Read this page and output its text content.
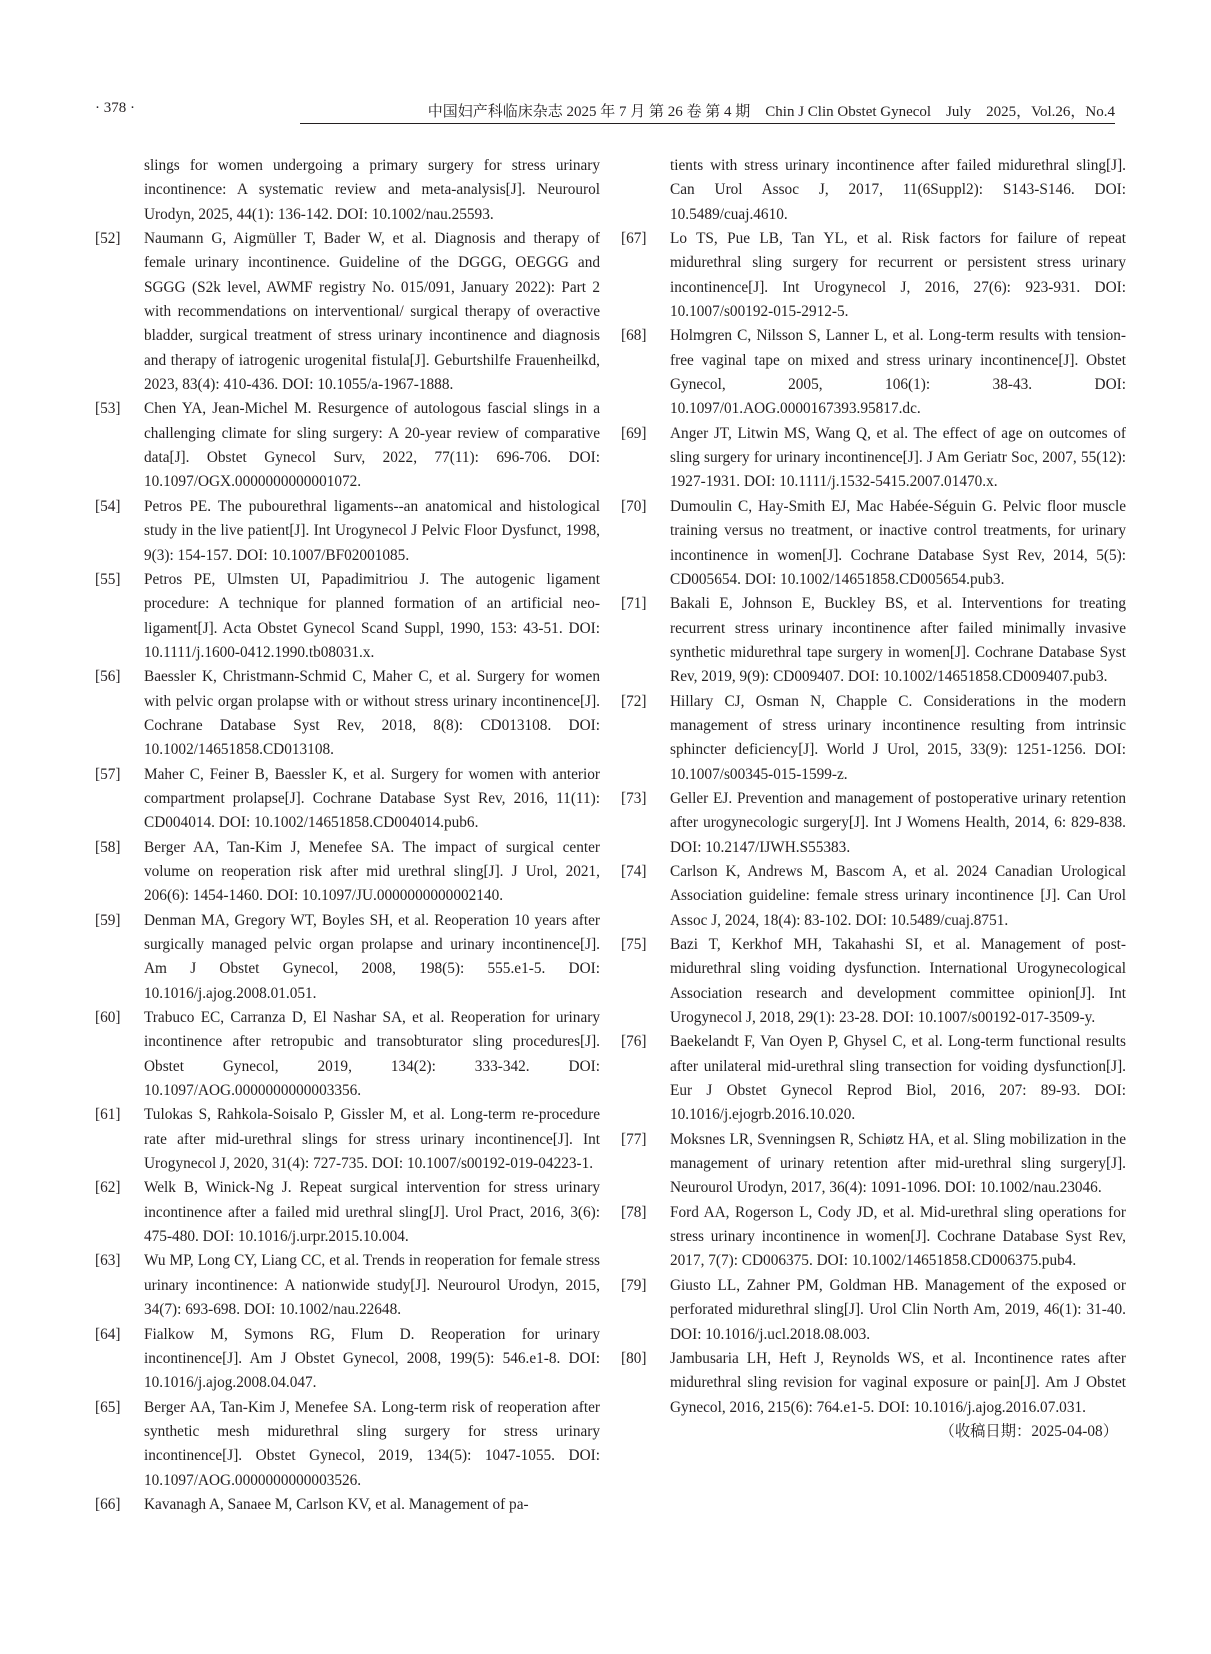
· 378 ·	中国妇产科临床杂志 2025 年 7 月 第 26 卷 第 4 期　Chin J Clin Obstet Gynecol　July　2025，Vol.26，No.4
slings for women undergoing a primary surgery for stress urinary incontinence: A systematic review and meta-analysis[J]. Neurourol Urodyn, 2025, 44(1): 136-142. DOI: 10.1002/nau.25593.
[52]	Naumann G, Aigmüller T, Bader W, et al. Diagnosis and therapy of female urinary incontinence. Guideline of the DGGG, OEGGG and SGGG (S2k level, AWMF registry No. 015/091, January 2022): Part 2 with recommendations on interventional/ surgical therapy of overactive bladder, surgical treatment of stress urinary incontinence and diagnosis and therapy of iatrogenic urogenital fistula[J]. Geburtshilfe Frauenheilkd, 2023, 83(4): 410-436. DOI: 10.1055/a-1967-1888.
[53]	Chen YA, Jean-Michel M. Resurgence of autologous fascial slings in a challenging climate for sling surgery: A 20-year review of comparative data[J]. Obstet Gynecol Surv, 2022, 77(11): 696-706. DOI: 10.1097/OGX.0000000000001072.
[54]	Petros PE. The pubourethral ligaments--an anatomical and histological study in the live patient[J]. Int Urogynecol J Pelvic Floor Dysfunct, 1998, 9(3): 154-157. DOI: 10.1007/BF02001085.
[55]	Petros PE, Ulmsten UI, Papadimitriou J. The autogenic ligament procedure: A technique for planned formation of an artificial neo-ligament[J]. Acta Obstet Gynecol Scand Suppl, 1990, 153: 43-51. DOI: 10.1111/j.1600-0412.1990.tb08031.x.
[56]	Baessler K, Christmann-Schmid C, Maher C, et al. Surgery for women with pelvic organ prolapse with or without stress urinary incontinence[J]. Cochrane Database Syst Rev, 2018, 8(8): CD013108. DOI: 10.1002/14651858.CD013108.
[57]	Maher C, Feiner B, Baessler K, et al. Surgery for women with anterior compartment prolapse[J]. Cochrane Database Syst Rev, 2016, 11(11): CD004014. DOI: 10.1002/14651858.CD004014.pub6.
[58]	Berger AA, Tan-Kim J, Menefee SA. The impact of surgical center volume on reoperation risk after mid urethral sling[J]. J Urol, 2021, 206(6): 1454-1460. DOI: 10.1097/JU.0000000000002140.
[59]	Denman MA, Gregory WT, Boyles SH, et al. Reoperation 10 years after surgically managed pelvic organ prolapse and urinary incontinence[J]. Am J Obstet Gynecol, 2008, 198(5): 555.e1-5. DOI: 10.1016/j.ajog.2008.01.051.
[60]	Trabuco EC, Carranza D, El Nashar SA, et al. Reoperation for urinary incontinence after retropubic and transobturator sling procedures[J]. Obstet Gynecol, 2019, 134(2): 333-342. DOI: 10.1097/AOG.0000000000003356.
[61]	Tulokas S, Rahkola-Soisalo P, Gissler M, et al. Long-term re-procedure rate after mid-urethral slings for stress urinary incontinence[J]. Int Urogynecol J, 2020, 31(4): 727-735. DOI: 10.1007/s00192-019-04223-1.
[62]	Welk B, Winick-Ng J. Repeat surgical intervention for stress urinary incontinence after a failed mid urethral sling[J]. Urol Pract, 2016, 3(6): 475-480. DOI: 10.1016/j.urpr.2015.10.004.
[63]	Wu MP, Long CY, Liang CC, et al. Trends in reoperation for female stress urinary incontinence: A nationwide study[J]. Neurourol Urodyn, 2015, 34(7): 693-698. DOI: 10.1002/nau.22648.
[64]	Fialkow M, Symons RG, Flum D. Reoperation for urinary incontinence[J]. Am J Obstet Gynecol, 2008, 199(5): 546.e1-8. DOI: 10.1016/j.ajog.2008.04.047.
[65]	Berger AA, Tan-Kim J, Menefee SA. Long-term risk of reoperation after synthetic mesh midurethral sling surgery for stress urinary incontinence[J]. Obstet Gynecol, 2019, 134(5): 1047-1055. DOI: 10.1097/AOG.0000000000003526.
[66]	Kavanagh A, Sanaee M, Carlson KV, et al. Management of pa-
tients with stress urinary incontinence after failed midurethral sling[J]. Can Urol Assoc J, 2017, 11(6Suppl2): S143-S146. DOI: 10.5489/cuaj.4610.
[67]	Lo TS, Pue LB, Tan YL, et al. Risk factors for failure of repeat midurethral sling surgery for recurrent or persistent stress urinary incontinence[J]. Int Urogynecol J, 2016, 27(6): 923-931. DOI: 10.1007/s00192-015-2912-5.
[68]	Holmgren C, Nilsson S, Lanner L, et al. Long-term results with tension-free vaginal tape on mixed and stress urinary incontinence[J]. Obstet Gynecol, 2005, 106(1): 38-43. DOI: 10.1097/01.AOG.0000167393.95817.dc.
[69]	Anger JT, Litwin MS, Wang Q, et al. The effect of age on outcomes of sling surgery for urinary incontinence[J]. J Am Geriatr Soc, 2007, 55(12): 1927-1931. DOI: 10.1111/j.1532-5415.2007.01470.x.
[70]	Dumoulin C, Hay-Smith EJ, Mac Habée-Séguin G. Pelvic floor muscle training versus no treatment, or inactive control treatments, for urinary incontinence in women[J]. Cochrane Database Syst Rev, 2014, 5(5): CD005654. DOI: 10.1002/14651858.CD005654.pub3.
[71]	Bakali E, Johnson E, Buckley BS, et al. Interventions for treating recurrent stress urinary incontinence after failed minimally invasive synthetic midurethral tape surgery in women[J]. Cochrane Database Syst Rev, 2019, 9(9): CD009407. DOI: 10.1002/14651858.CD009407.pub3.
[72]	Hillary CJ, Osman N, Chapple C. Considerations in the modern management of stress urinary incontinence resulting from intrinsic sphincter deficiency[J]. World J Urol, 2015, 33(9): 1251-1256. DOI: 10.1007/s00345-015-1599-z.
[73]	Geller EJ. Prevention and management of postoperative urinary retention after urogynecologic surgery[J]. Int J Womens Health, 2014, 6: 829-838. DOI: 10.2147/IJWH.S55383.
[74]	Carlson K, Andrews M, Bascom A, et al. 2024 Canadian Urological Association guideline: female stress urinary incontinence [J]. Can Urol Assoc J, 2024, 18(4): 83-102. DOI: 10.5489/cuaj.8751.
[75]	Bazi T, Kerkhof MH, Takahashi SI, et al. Management of post-midurethral sling voiding dysfunction. International Urogynecological Association research and development committee opinion[J]. Int Urogynecol J, 2018, 29(1): 23-28. DOI: 10.1007/s00192-017-3509-y.
[76]	Baekelandt F, Van Oyen P, Ghysel C, et al. Long-term functional results after unilateral mid-urethral sling transection for voiding dysfunction[J]. Eur J Obstet Gynecol Reprod Biol, 2016, 207: 89-93. DOI: 10.1016/j.ejogrb.2016.10.020.
[77]	Moksnes LR, Svenningsen R, Schiøtz HA, et al. Sling mobilization in the management of urinary retention after mid-urethral sling surgery[J]. Neurourol Urodyn, 2017, 36(4): 1091-1096. DOI: 10.1002/nau.23046.
[78]	Ford AA, Rogerson L, Cody JD, et al. Mid-urethral sling operations for stress urinary incontinence in women[J]. Cochrane Database Syst Rev, 2017, 7(7): CD006375. DOI: 10.1002/14651858.CD006375.pub4.
[79]	Giusto LL, Zahner PM, Goldman HB. Management of the exposed or perforated midurethral sling[J]. Urol Clin North Am, 2019, 46(1): 31-40. DOI: 10.1016/j.ucl.2018.08.003.
[80]	Jambusaria LH, Heft J, Reynolds WS, et al. Incontinence rates after midurethral sling revision for vaginal exposure or pain[J]. Am J Obstet Gynecol, 2016, 215(6): 764.e1-5. DOI: 10.1016/j.ajog.2016.07.031.
（收稿日期：2025-04-08）
